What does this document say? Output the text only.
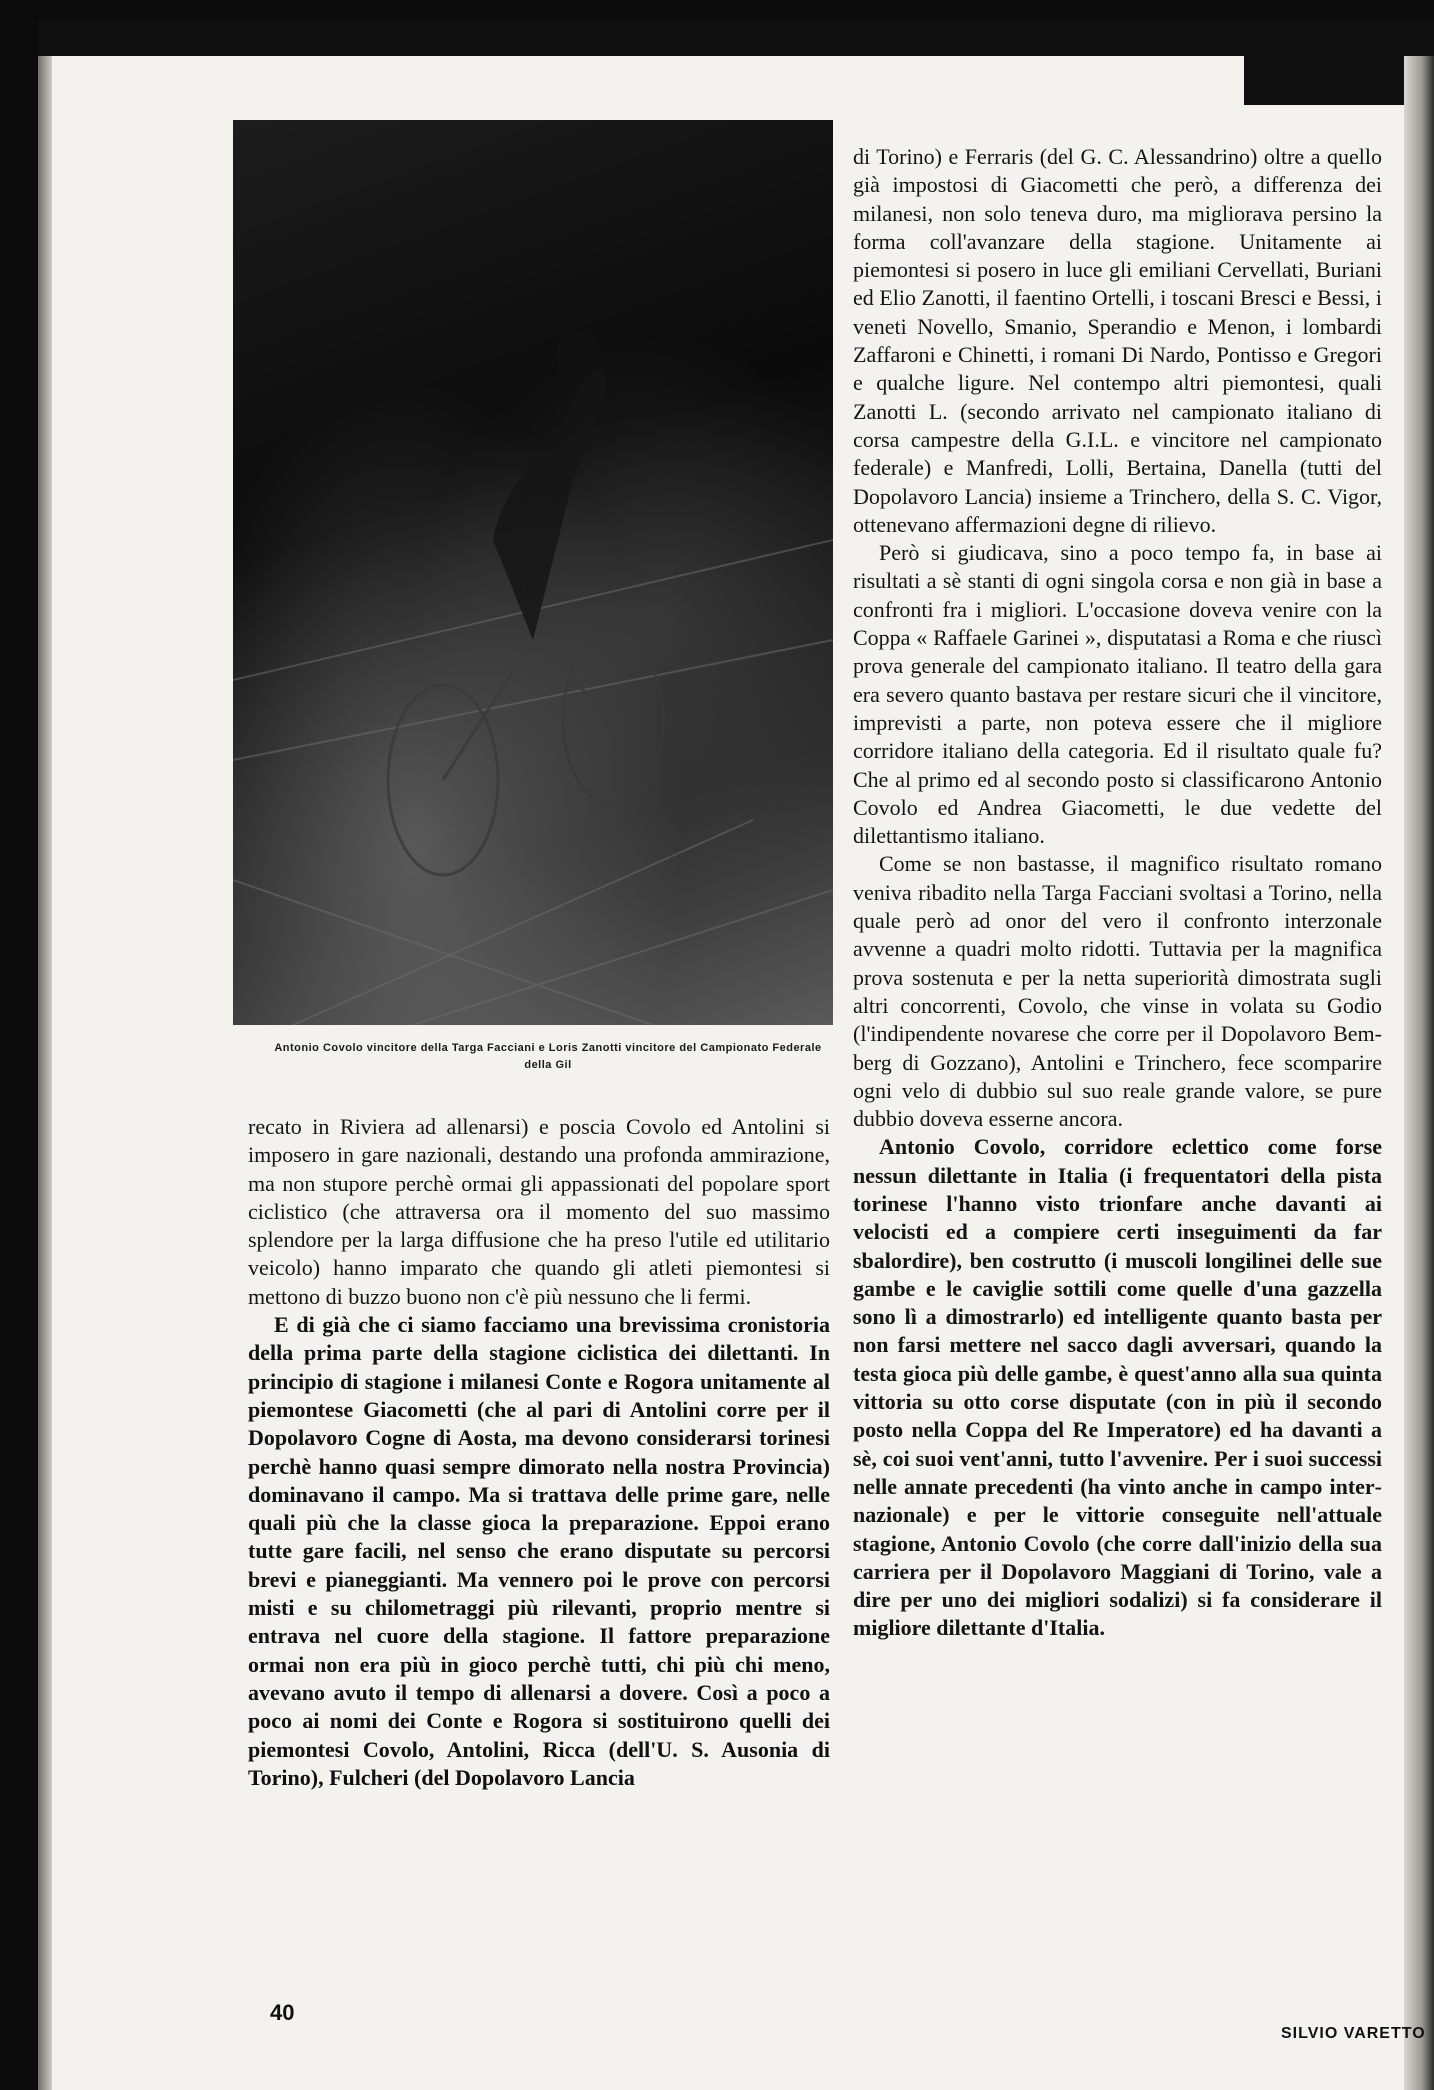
Antonio Covolo vincitore della Targa Facciani e Loris Zanotti vincitore del Campionato Federale della Gil

recato in Riviera ad allenarsi) e poscia Covolo ed Antolini si imposero in gare nazionali, destando una profonda ammirazione, ma non stupore perchè ormai gli appassionati del popolare sport ciclistico (che attraversa ora il momento del suo massimo splendore per la larga diffusione che ha preso l'utile ed utilitario veicolo) hanno imparato che quando gli atleti piemontesi si mettono di buzzo buono non c'è più nessuno che li fermi.

E di già che ci siamo facciamo una brevissima cronistoria della prima parte della stagione ciclistica dei dilettanti. In principio di stagione i milanesi Conte e Rogora unitamente al piemontese Giacometti (che al pari di Antolini corre per il Dopolavoro Cogne di Aosta, ma devono considerarsi torinesi perchè hanno quasi sempre dimorato nella nostra Provincia) dominavano il campo. Ma si trattava delle prime gare, nelle quali più che la classe gioca la preparazione. Eppoi erano tutte gare facili, nel senso che erano disputate su percorsi brevi e pianeggianti. Ma vennero poi le prove con percorsi misti e su chilometraggi più rilevanti, proprio mentre si entrava nel cuore della stagione. Il fattore preparazione ormai non era più in gioco perchè tutti, chi più chi meno, avevano avuto il tempo di allenarsi a dovere. Così a poco a poco ai nomi dei Conte e Rogora si sostituirono quelli dei piemontesi Covolo, Antolini, Ricca (dell'U. S. Ausonia di Torino), Fulcheri (del Dopolavoro Lancia

di Torino) e Ferraris (del G. C. Alessandrino) oltre a quello già impostosi di Giacometti che però, a differenza dei milanesi, non solo teneva duro, ma migliorava persino la forma coll'avanzare della stagione. Unitamente ai piemontesi si posero in luce gli emiliani Cervellati, Buriani ed Elio Zanotti, il faentino Ortelli, i toscani Bresci e Bessi, i veneti Novello, Smanio, Sperandio e Menon, i lombardi Zaffaroni e Chinetti, i romani Di Nardo, Pontisso e Gregori e qualche ligure. Nel contempo altri piemontesi, quali Zanotti L. (secondo arrivato nel campionato italiano di corsa campestre della G.I.L. e vincitore nel campionato federale) e Manfredi, Lolli, Bertaina, Danella (tutti del Dopolavoro Lancia) insieme a Trinchero, della S. C. Vigor, ottenevano affermazioni degne di rilievo.

Però si giudicava, sino a poco tempo fa, in base ai risultati a sè stanti di ogni singola corsa e non già in base a confronti fra i migliori. L'occasione doveva venire con la Coppa « Raffaele Garinei », disputatasi a Roma e che riuscì prova generale del campionato italiano. Il teatro della gara era severo quanto bastava per restare sicuri che il vincitore, imprevisti a parte, non poteva essere che il migliore corridore italiano della categoria. Ed il risultato quale fu? Che al primo ed al secondo posto si classificarono Antonio Covolo ed Andrea Giacometti, le due vedette del dilettantismo italiano.

Come se non bastasse, il magnifico risultato romano veniva ribadito nella Targa Facciani svoltasi a Torino, nella quale però ad onor del vero il confronto interzonale avvenne a quadri molto ridotti. Tuttavia per la magnifica prova sostenuta e per la netta superiorità dimostrata sugli altri concorrenti, Covolo, che vinse in volata su Godio (l'indipendente novarese che corre per il Dopolavoro Bemberg di Gozzano), Antolini e Trinchero, fece scomparire ogni velo di dubbio sul suo reale grande valore, se pure dubbio doveva esserne ancora.

Antonio Covolo, corridore eclettico come forse nessun dilettante in Italia (i frequentatori della pista torinese l'hanno visto trionfare anche davanti ai velocisti ed a compiere certi inseguimenti da far sbalordire), ben costrutto (i muscoli longilinei delle sue gambe e le caviglie sottili come quelle d'una gazzella sono lì a dimostrarlo) ed intelligente quanto basta per non farsi mettere nel sacco dagli avversari, quando la testa gioca più delle gambe, è quest'anno alla sua quinta vittoria su otto corse disputate (con in più il secondo posto nella Coppa del Re Imperatore) ed ha davanti a sè, coi suoi vent'anni, tutto l'avvenire. Per i suoi successi nelle annate precedenti (ha vinto anche in campo internazionale) e per le vittorie conseguite nell'attuale stagione, Antonio Covolo (che corre dall'inizio della sua carriera per il Dopolavoro Maggiani di Torino, vale a dire per uno dei migliori sodalizi) si fa considerare il migliore dilettante d'Italia.

40
SILVIO VARETTO
